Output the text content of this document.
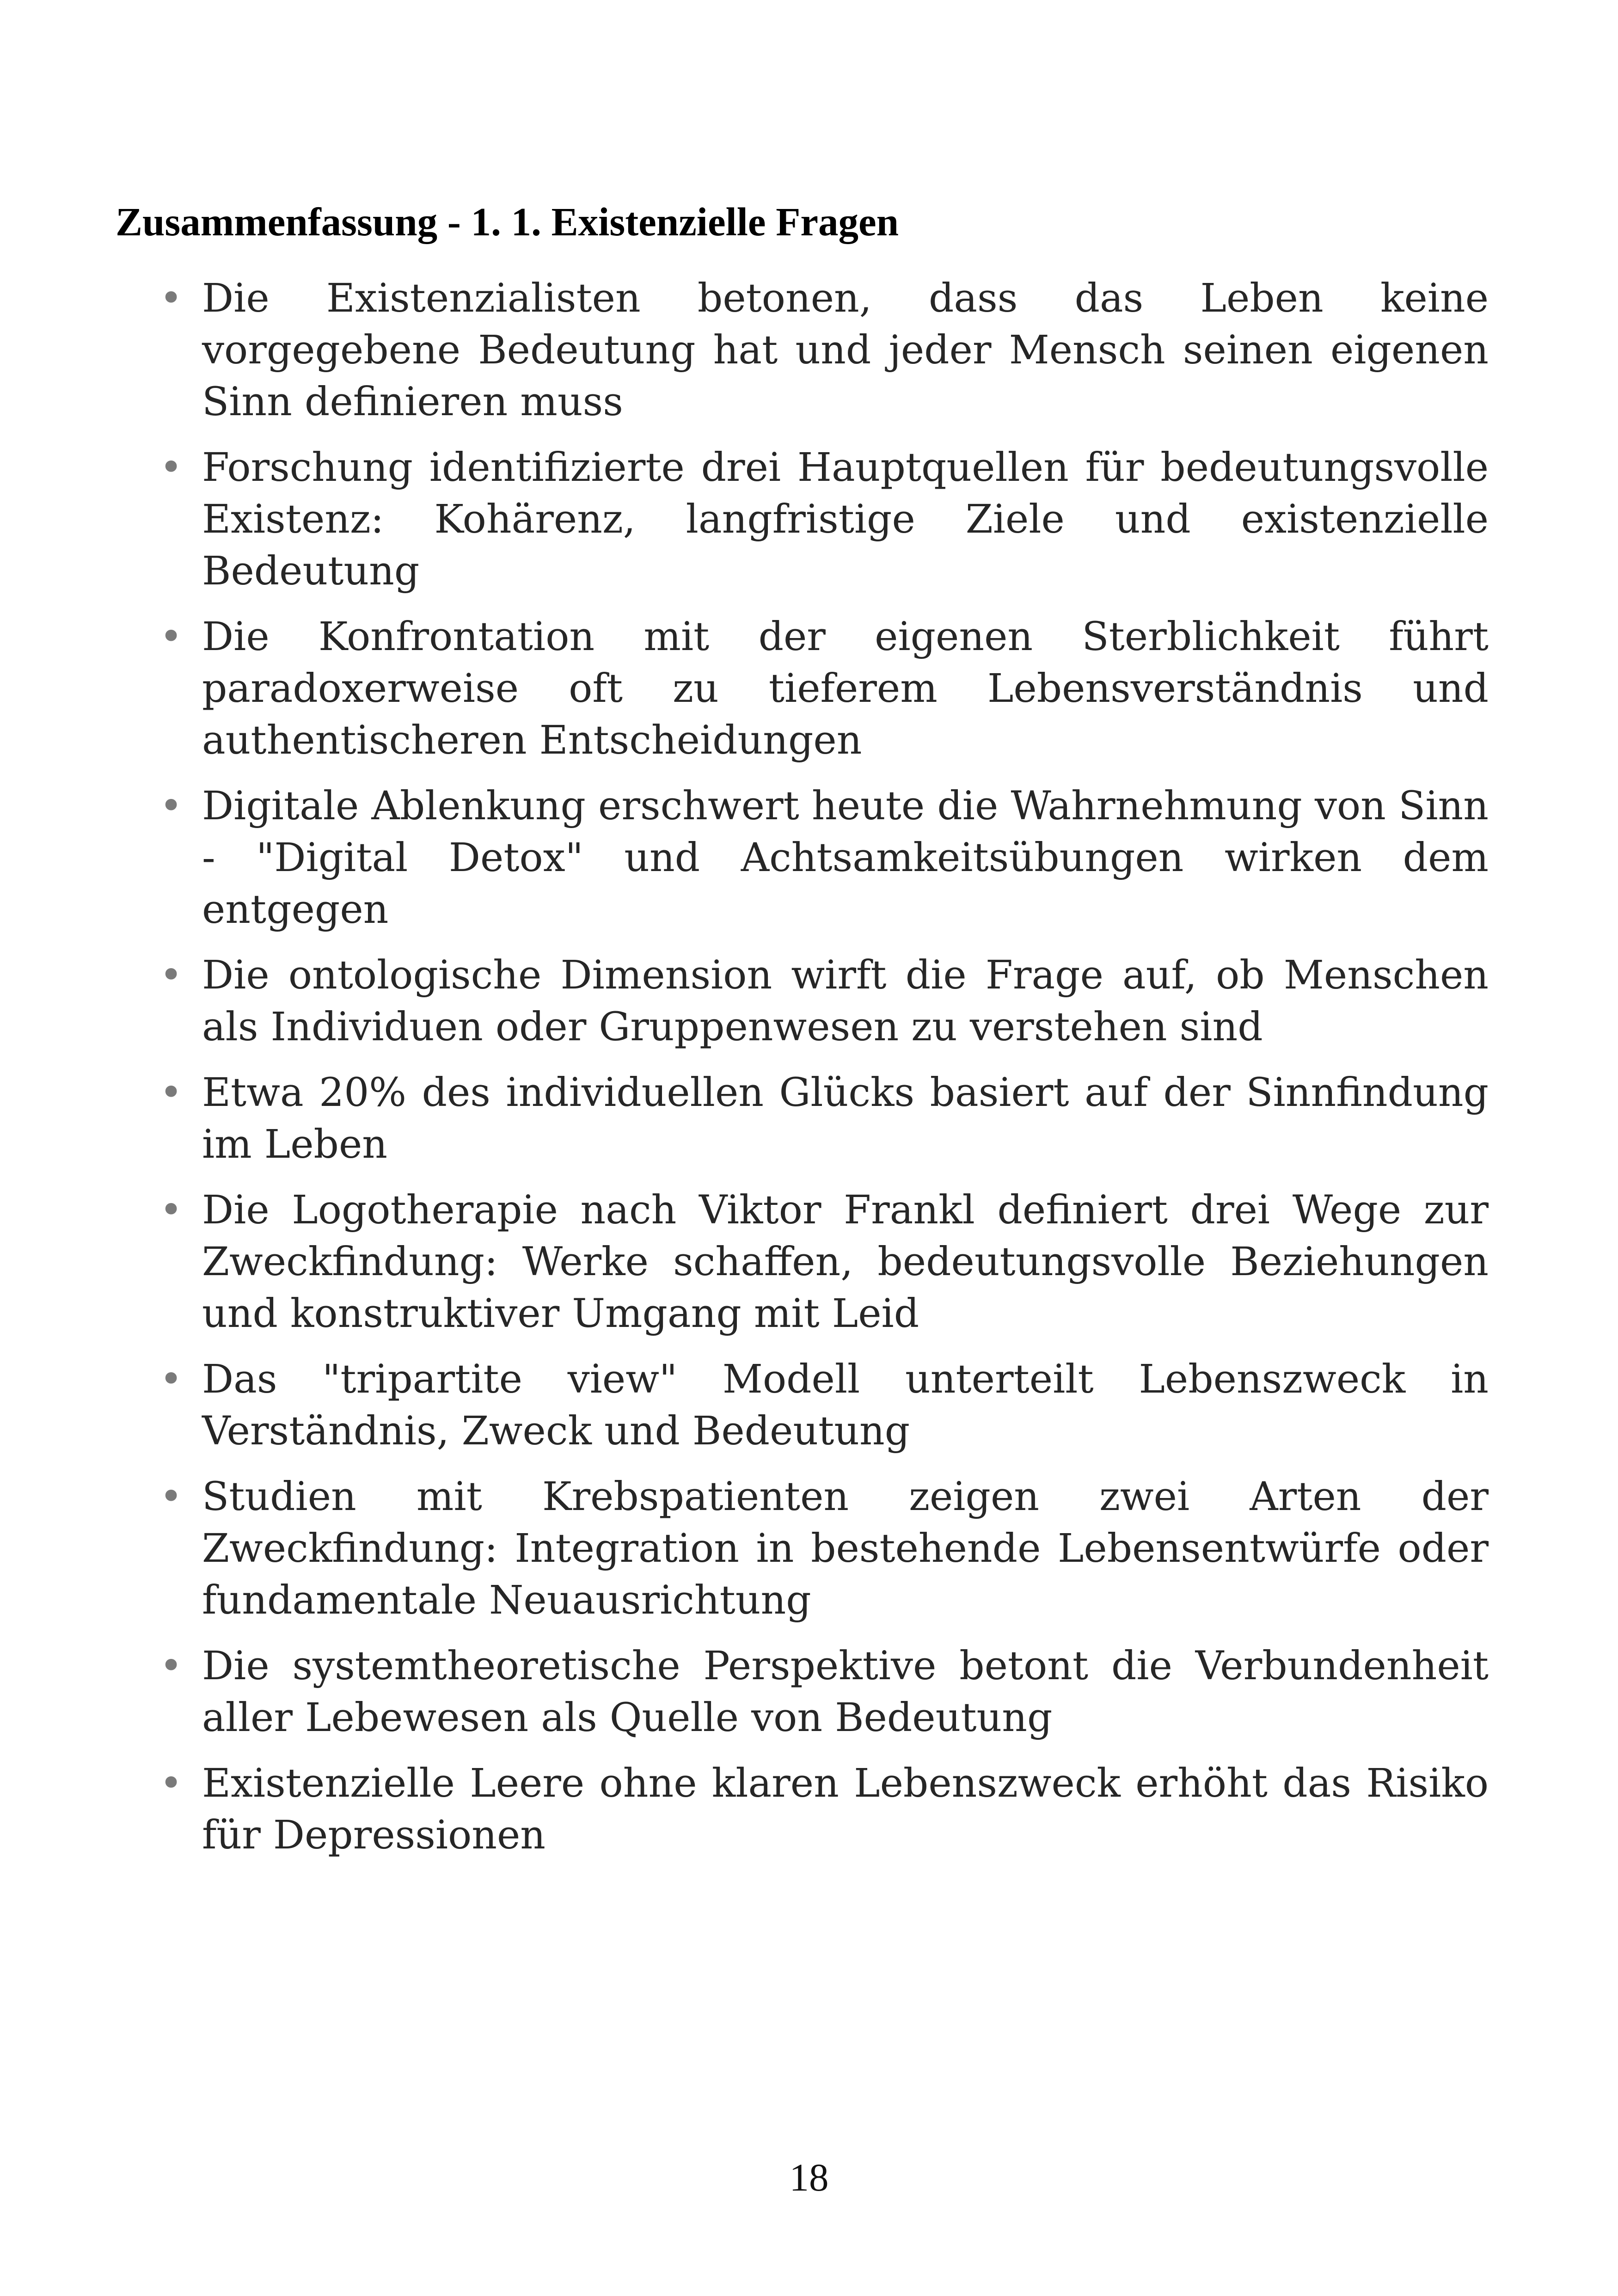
Zusammenfassung - 1. 1. Existenzielle Fragen
• Die Existenzialisten betonen, dass das Leben keine vorgegebene Bedeutung hat und jeder Mensch seinen eigenen Sinn definieren muss
• Forschung identifizierte drei Hauptquellen für bedeutungsvolle Existenz: Kohärenz, langfristige Ziele und existenzielle Bedeutung
• Die Konfrontation mit der eigenen Sterblichkeit führt paradoxerweise oft zu tieferem Lebensverständnis und authentischeren Entscheidungen
• Digitale Ablenkung erschwert heute die Wahrnehmung von Sinn - "Digital Detox" und Achtsamkeitsübungen wirken dem entgegen
• Die ontologische Dimension wirft die Frage auf, ob Menschen als Individuen oder Gruppenwesen zu verstehen sind
• Etwa 20% des individuellen Glücks basiert auf der Sinnfindung im Leben
• Die Logotherapie nach Viktor Frankl definiert drei Wege zur Zweckfindung: Werke schaffen, bedeutungsvolle Beziehungen und konstruktiver Umgang mit Leid
• Das "tripartite view" Modell unterteilt Lebenszweck in Verständnis, Zweck und Bedeutung
• Studien mit Krebspatienten zeigen zwei Arten der Zweckfindung: Integration in bestehende Lebensentwürfe oder fundamentale Neuausrichtung
• Die systemtheoretische Perspektive betont die Verbundenheit aller Lebewesen als Quelle von Bedeutung
• Existenzielle Leere ohne klaren Lebenszweck erhöht das Risiko für Depressionen
18
